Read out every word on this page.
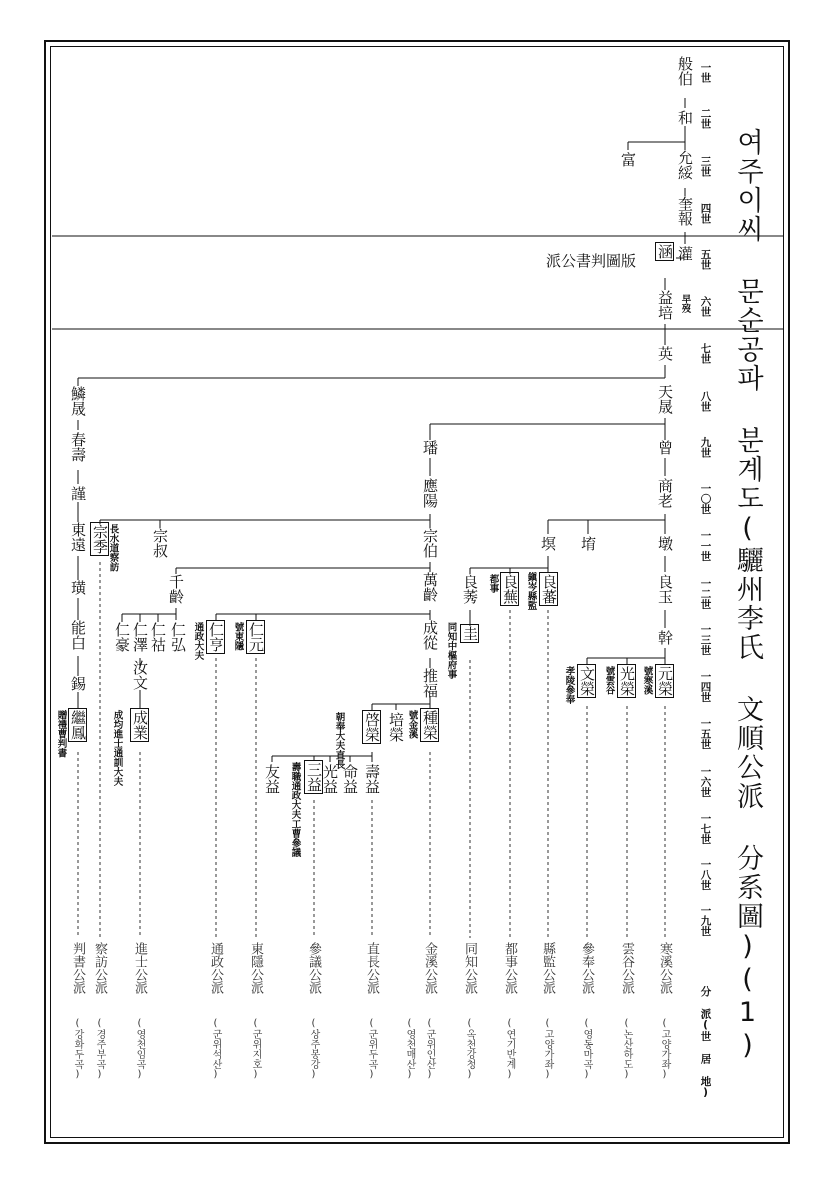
여주이씨 문순공파 분계도(驪州李氏 文順公派 分系圖)(1)
一世
二世
三世
四世
五世
六世
七世
八世
九世
一〇世
一一世
一二世
一三世
一四世
一五世
一六世
一七世
一八世
一九世
分 派(世 居 地)
派公書判圖版
般伯
和
允綏
富
奎報
灌
涵
益培 早歿
英
天晟
鱗晟
曾
璠
春壽
商老
應陽
謹
墩
堉
塓
宗伯
宗叔
宗季
長水道察訪
東遠
良玉
良蕃
鎭岑縣監
良蕪
都事
良莠
萬齡
千齡
璜
幹
圭
同知中樞府事
成從
仁弘
仁祜
仁澤
仁豪	仁元
號東隱
仁亨
通政大夫
能白
元榮
號寒溪
光榮
號雲谷
文榮
孝陵參奉
推福
汝文
錫
種榮
號金溪
培榮
啓榮
朝奉大夫直長
成業
成均進士通訓大夫
繼鳳
贈禮曹判書
壽益
命益
光益
三益
壽職通政大夫工曹參議
友益
寒溪公派
雲谷公派
參奉公派
縣監公派
都事公派
同知公派
金溪公派
直長公派
參議公派
東隱公派
通政公派
進士公派
察訪公派
判書公派
(고양가좌)
(논산하도)
(영동마곡)
(고양가좌)
(연기반계)
(옥천강청)
(군위인산)
(영천매산)
(군위두곡)
(상주봉강)
(군위지호)
(군위석산)
(영천임곡)
(경주부곡)
(강화두곡)
